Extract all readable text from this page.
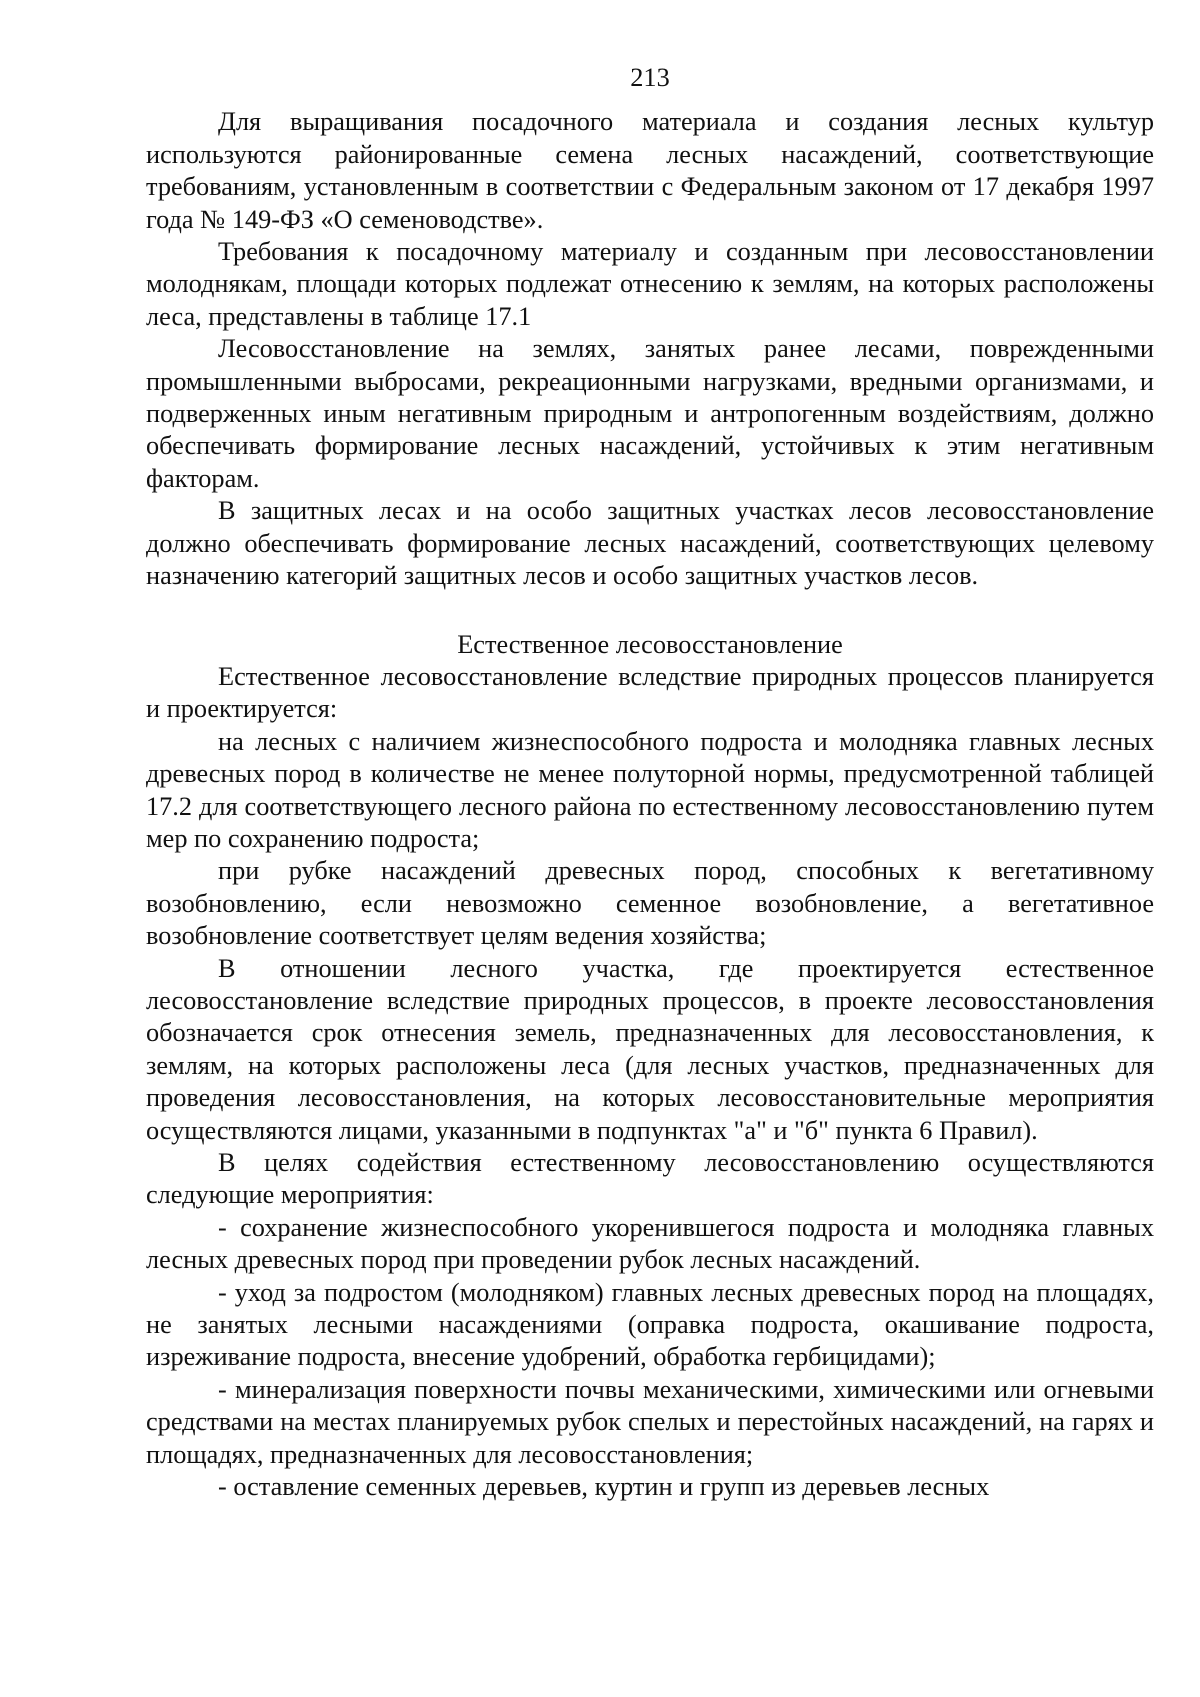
213

Для выращивания посадочного материала и создания лесных культур используются районированные семена лесных насаждений, соответствующие требованиям, установленным в соответствии с Федеральным законом от 17 декабря 1997 года № 149-ФЗ «О семеноводстве».

Требования к посадочному материалу и созданным при лесовосстановлении молоднякам, площади которых подлежат отнесению к землям, на которых расположены леса, представлены в таблице 17.1

Лесовосстановление на землях, занятых ранее лесами, поврежденными промышленными выбросами, рекреационными нагрузками, вредными организмами, и подверженных иным негативным природным и антропогенным воздействиям, должно обеспечивать формирование лесных насаждений, устойчивых к этим негативным факторам.

В защитных лесах и на особо защитных участках лесов лесовосстановление должно обеспечивать формирование лесных насаждений, соответствующих целевому назначению категорий защитных лесов и особо защитных участков лесов.

Естественное лесовосстановление

Естественное лесовосстановление вследствие природных процессов планируется и проектируется:

на лесных с наличием жизнеспособного подроста и молодняка главных лесных древесных пород в количестве не менее полуторной нормы, предусмотренной таблицей 17.2 для соответствующего лесного района по естественному лесовосстановлению путем мер по сохранению подроста;

при рубке насаждений древесных пород, способных к вегетативному возобновлению, если невозможно семенное возобновление, а вегетативное возобновление соответствует целям ведения хозяйства;

В отношении лесного участка, где проектируется естественное лесовосстановление вследствие природных процессов, в проекте лесовосстановления обозначается срок отнесения земель, предназначенных для лесовосстановления, к землям, на которых расположены леса (для лесных участков, предназначенных для проведения лесовосстановления, на которых лесовосстановительные мероприятия осуществляются лицами, указанными в подпунктах "а" и "б" пункта 6 Правил).

В целях содействия естественному лесовосстановлению осуществляются следующие мероприятия:

- сохранение жизнеспособного укоренившегося подроста и молодняка главных лесных древесных пород при проведении рубок лесных насаждений.

- уход за подростом (молодняком) главных лесных древесных пород на площадях, не занятых лесными насаждениями (оправка подроста, окашивание подроста, изреживание подроста, внесение удобрений, обработка гербицидами);

- минерализация поверхности почвы механическими, химическими или огневыми средствами на местах планируемых рубок спелых и перестойных насаждений, на гарях и площадях, предназначенных для лесовосстановления;

- оставление семенных деревьев, куртин и групп из деревьев лесных
